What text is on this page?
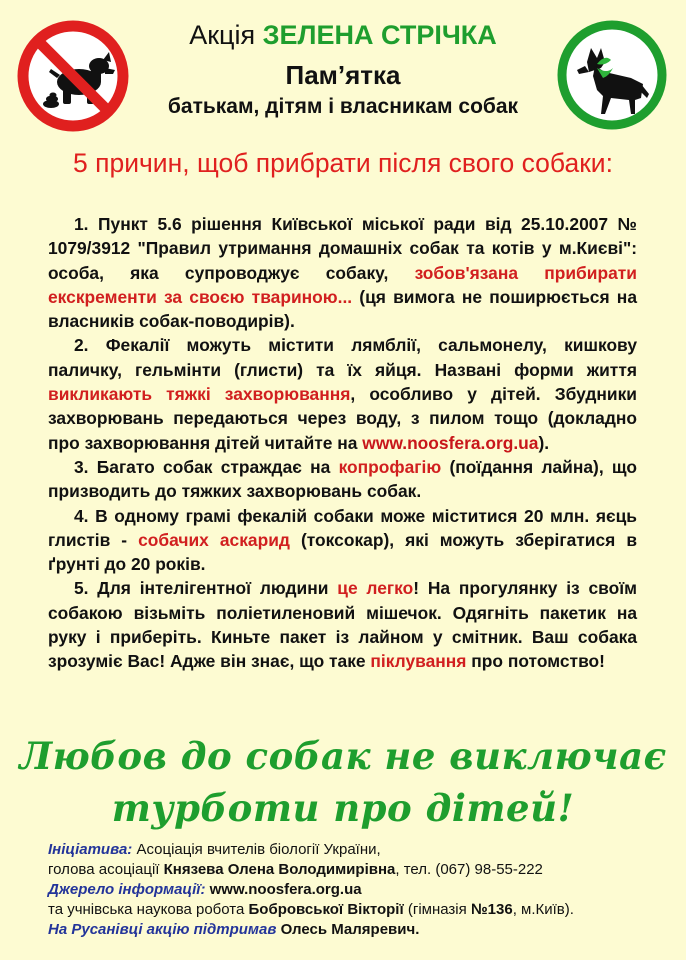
Акція ЗЕЛЕНА СТРІЧКА
Пам’ятка
батькам, дітям і власникам собак
5 причин, щоб прибрати після свого собаки:

1. Пункт 5.6 рішення Київської міської ради від 25.10.2007 № 1079/3912 "Правил утримання домашніх собак та котів у м.Києві": особа, яка супроводжує собаку, зобов'язана прибирати екскременти за своєю твариною... (ця вимога не поширюється на власників собак-поводирів).

2. Фекалії можуть містити лямблії, сальмонелу, кишкову паличку, гельмінти (глисти) та їх яйця. Названі форми життя викликають тяжкі захворювання, особливо у дітей. Збудники захворювань передаються через воду, з пилом тощо (докладно про захворювання дітей читайте на www.noosfera.org.ua).

3. Багато собак страждає на копрофагію (поїдання лайна), що призводить до тяжких захворювань собак.

4. В одному грамі фекалій собаки може міститися 20 млн. яєць глистів - собачих аскарид (токсокар), які можуть зберігатися в ґрунті до 20 років.

5. Для інтелігентної людини це легко! На прогулянку із своїм собакою візьміть поліетиленовий мішечок. Одягніть пакетик на руку і приберіть. Киньте пакет із лайном у смітник. Ваш собака зрозуміє Вас! Адже він знає, що таке піклування про потомство!

Любов до собак не виключає
турботи про дітей!
Ініціатива: Асоціація вчителів біології України,
голова асоціації Князева Олена Володимирівна, тел. (067) 98-55-222
Джерело інформації: www.noosfera.org.ua
та учнівська наукова робота Бобровської Вікторії (гімназія №136, м.Київ).
На Русанівці акцію підтримав Олесь Маляревич.
